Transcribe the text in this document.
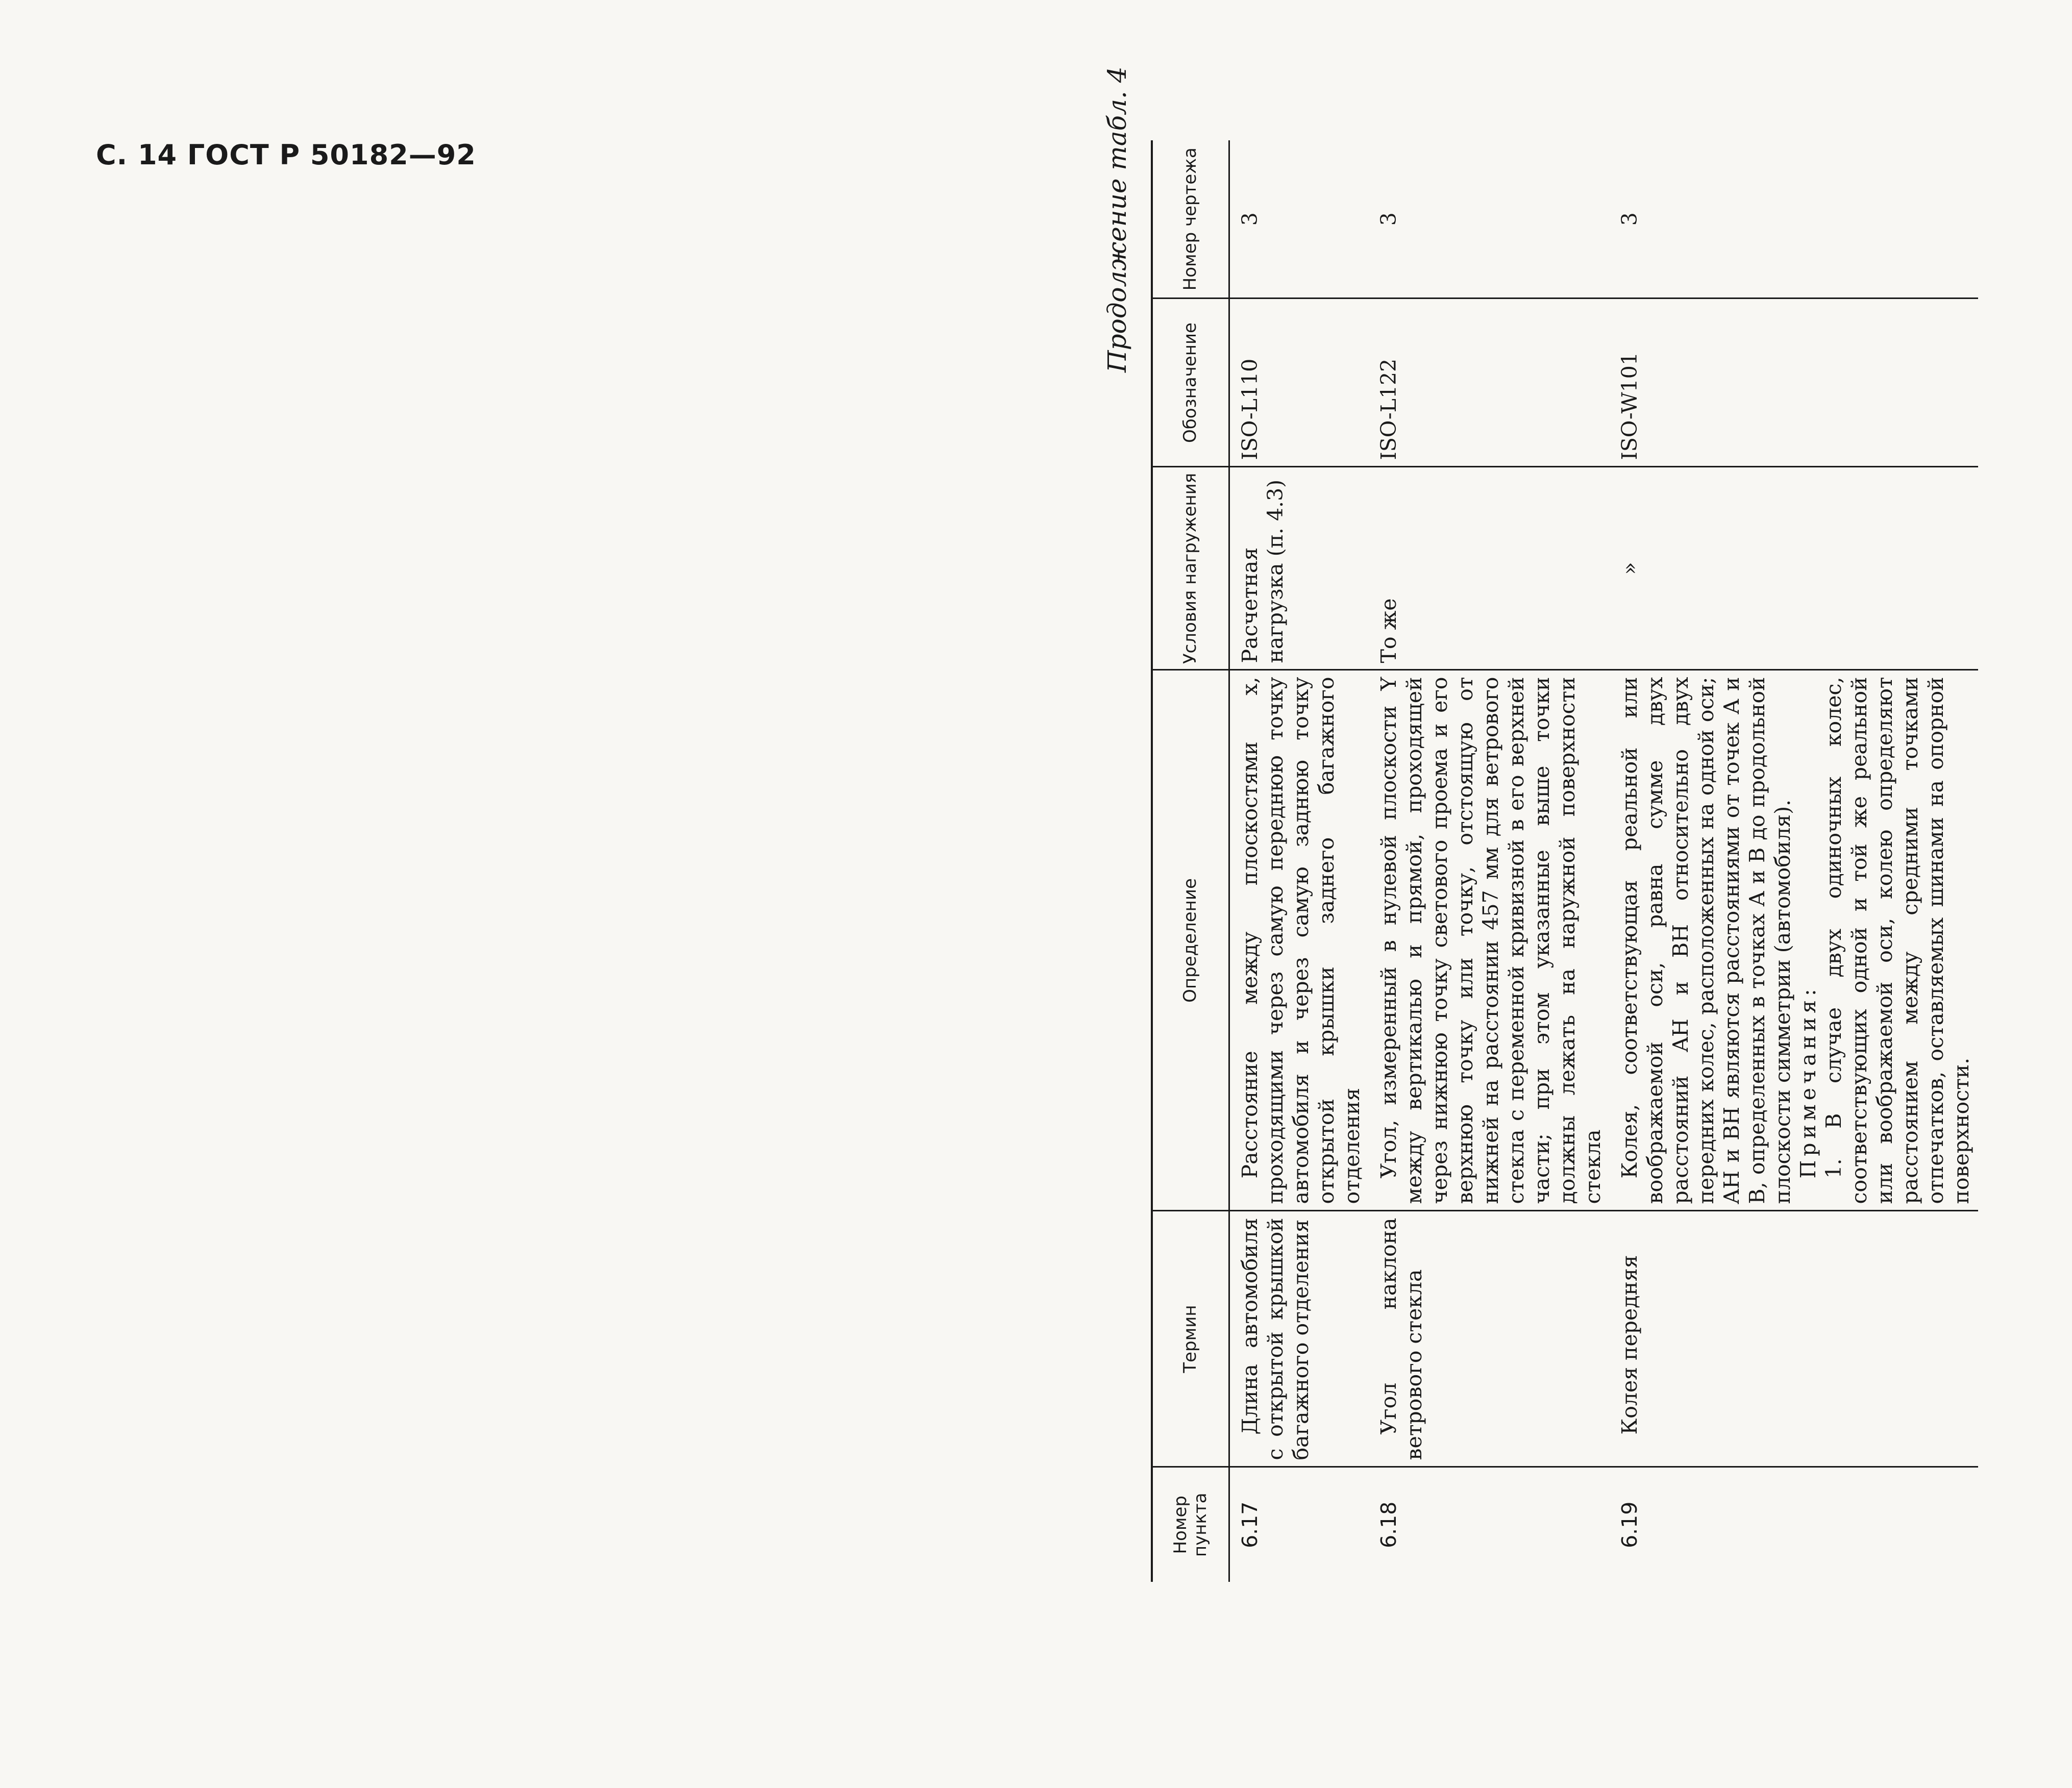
С. 14 ГОСТ Р 50182—92	Продолжение табл. 4
Номер пункта	Термин	Определение	Условия нагружения	Обозначение	Номер чертежа
6.17	Длина автомобиля с открытой крышкой багажного отделения	Расстояние между плоскостями x, проходящими через самую переднюю точку автомобиля и через самую заднюю точку открытой крышки заднего багажного отделения	Расчетная нагрузка (п. 4.3)	ISO-L110	3
6.18	Угол наклона ветрового стекла	Угол, измеренный в нулевой плоскости Y между вертикалью и прямой, проходящей через нижнюю точку светового проема и его верхнюю точку или точку, отстоящую от нижней на расстоянии 457 мм для ветрового стекла с переменной кривизной в его верхней части; при этом указанные выше точки должны лежать на наружной поверхности стекла	То же	ISO-L122	3
6.19	Колея передняя	Колея, соответствующая реальной или воображаемой оси, равна сумме двух расстояний AH и BH относительно двух передних колес, расположенных на одной оси; AH и BH являются расстояниями от точек A и B, определенных в точках A и B до продольной плоскости симметрии (автомобиля). Примечания: 1. В случае двух одиночных колес, соответствующих одной и той же реальной или воображаемой оси, колею определяют расстоянием между средними точками отпечатков, оставляемых шинами на опорной поверхности.	»	ISO-W101	3
